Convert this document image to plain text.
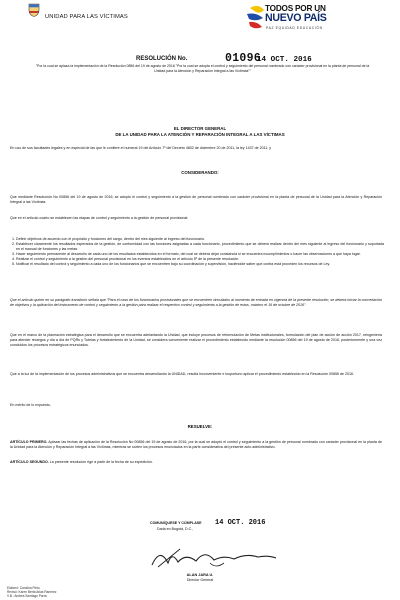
UNIDAD PARA LAS VÍCTIMAS
TODOS POR UN
NUEVO PAÍS
PAZ EQUIDAD EDUCACIÓN
RESOLUCIÓN No.	01096
14 OCT. 2016
"Por la cual se aplaza la implementación de la Resolución 0856 del 19 de agosto de 2016 "Por la cual se adopta el control y seguimiento del personal nombrado con carácter provisional en la planta de personal de la Unidad para la Atención y Reparación Integral a las Víctimas""
EL DIRECTOR GENERAL
DE LA UNIDAD PARA LA ATENCIÓN Y REPARACIÓN INTEGRAL A LAS VÍCTIMAS
En uso de sus facultades legales y en especial de las que le confiere el numeral 19 del Artículo 7º del Decreto 4802 de diciembre 20 de 2011, la ley 1437 de 2011, y
CONSIDERANDO:
Que mediante Resolución No 00856 del 19 de agosto de 2016, se adoptó el control y seguimiento a la gestión de personal nombrado con carácter provisional en la planta de personal de la Unidad para la Atención y Reparación Integral a las Víctimas.
Que en el artículo cuarto se establecen las etapas de control y seguimiento a la gestión de personal provisional:
1. Definir objetivos de acuerdo con el propósito y funciones del cargo, dentro del mes siguiente al ingreso del funcionario.
2. Establecer claramente los resultados esperados de la gestión, de conformidad con las funciones asignadas a cada funcionario, procedimiento que se deberá realizar dentro del mes siguiente al ingreso del funcionario y soportada en el manual de funciones y las metas.
3. Hacer seguimiento permanente al desarrollo de cada uno de los resultados establecidos en el formato, del cual se deberá dejar constancia si se encuentra incumplimientos o hacer las observaciones a que haya lugar.
4. Realizar el control y seguimiento a la gestión del personal provisional en los eventos establecidos en el artículo 5º de la presente resolución.
5. Notificar el resultado del control y seguimiento a cada uno de los funcionarios que se encuentren bajo su coordinación y supervisión, haciéndole saber que contra está proceden los recursos de Ley.
Que el artículo quinto en su parágrafo transitorio señala que "Para el caso de los funcionarios provisionales que se encuentren vinculados al momento de entrada en vigencia de la presente resolución, se deberá iniciar la concertación de objetivos y la aplicación del instrumento de control y seguimiento a la gestión para realizar el respectivo control y seguimiento a la gestión de estos, máximo el 16 de octubre de 2016".
Que en el marco de la planeación estratégica para el desarrollo que se encuentra adelantando la Unidad, que incluye procesos de reformulación de Metas institucionales, formulación del plan de acción de acción 2017, reingeniería para atender recargos y día a día de PQRs y Tutelas y fortalecimiento de la Unidad, se considera conveniente realizar el procedimiento establecido mediante la resolución 00856 del 19 de agosto de 2016, posteriormente y una vez concluidos los procesos estratégicos enunciados.
Que a la luz de la implementación de los procesos administrativos que se encuentra desarrollando la UNIDAD, resulta inconveniente e inoportuno aplicar el procedimiento establecido en la Resolución 00856 de 2016.
En mérito de lo expuesto,
RESUELVE:
ARTÍCULO PRIMERO. Aplazar las fechas de aplicación de la Resolución No 00856 del 19 de agosto de 2016, por la cual se adoptó el control y seguimiento a la gestión de personal nombrado con carácter provisional en la planta de la Unidad para la Atención y Reparación Integral a las Víctimas, mientras se surten los procesos enunciados en la parte considerativa del presente acto administrativo.
ARTÍCULO SEGUNDO. La presente resolución rige a partir de la fecha de su expedición.
COMUNÍQUESE Y CÚMPLASE
Dada en Bogotá, D.C.,
14 OCT. 2016
ALAN JARA U.
Director General
Elaboró: Carolina Pinto
Revisó: Karen Berta Arias Ramírez
V.B.: Andrés Santiago Parra
